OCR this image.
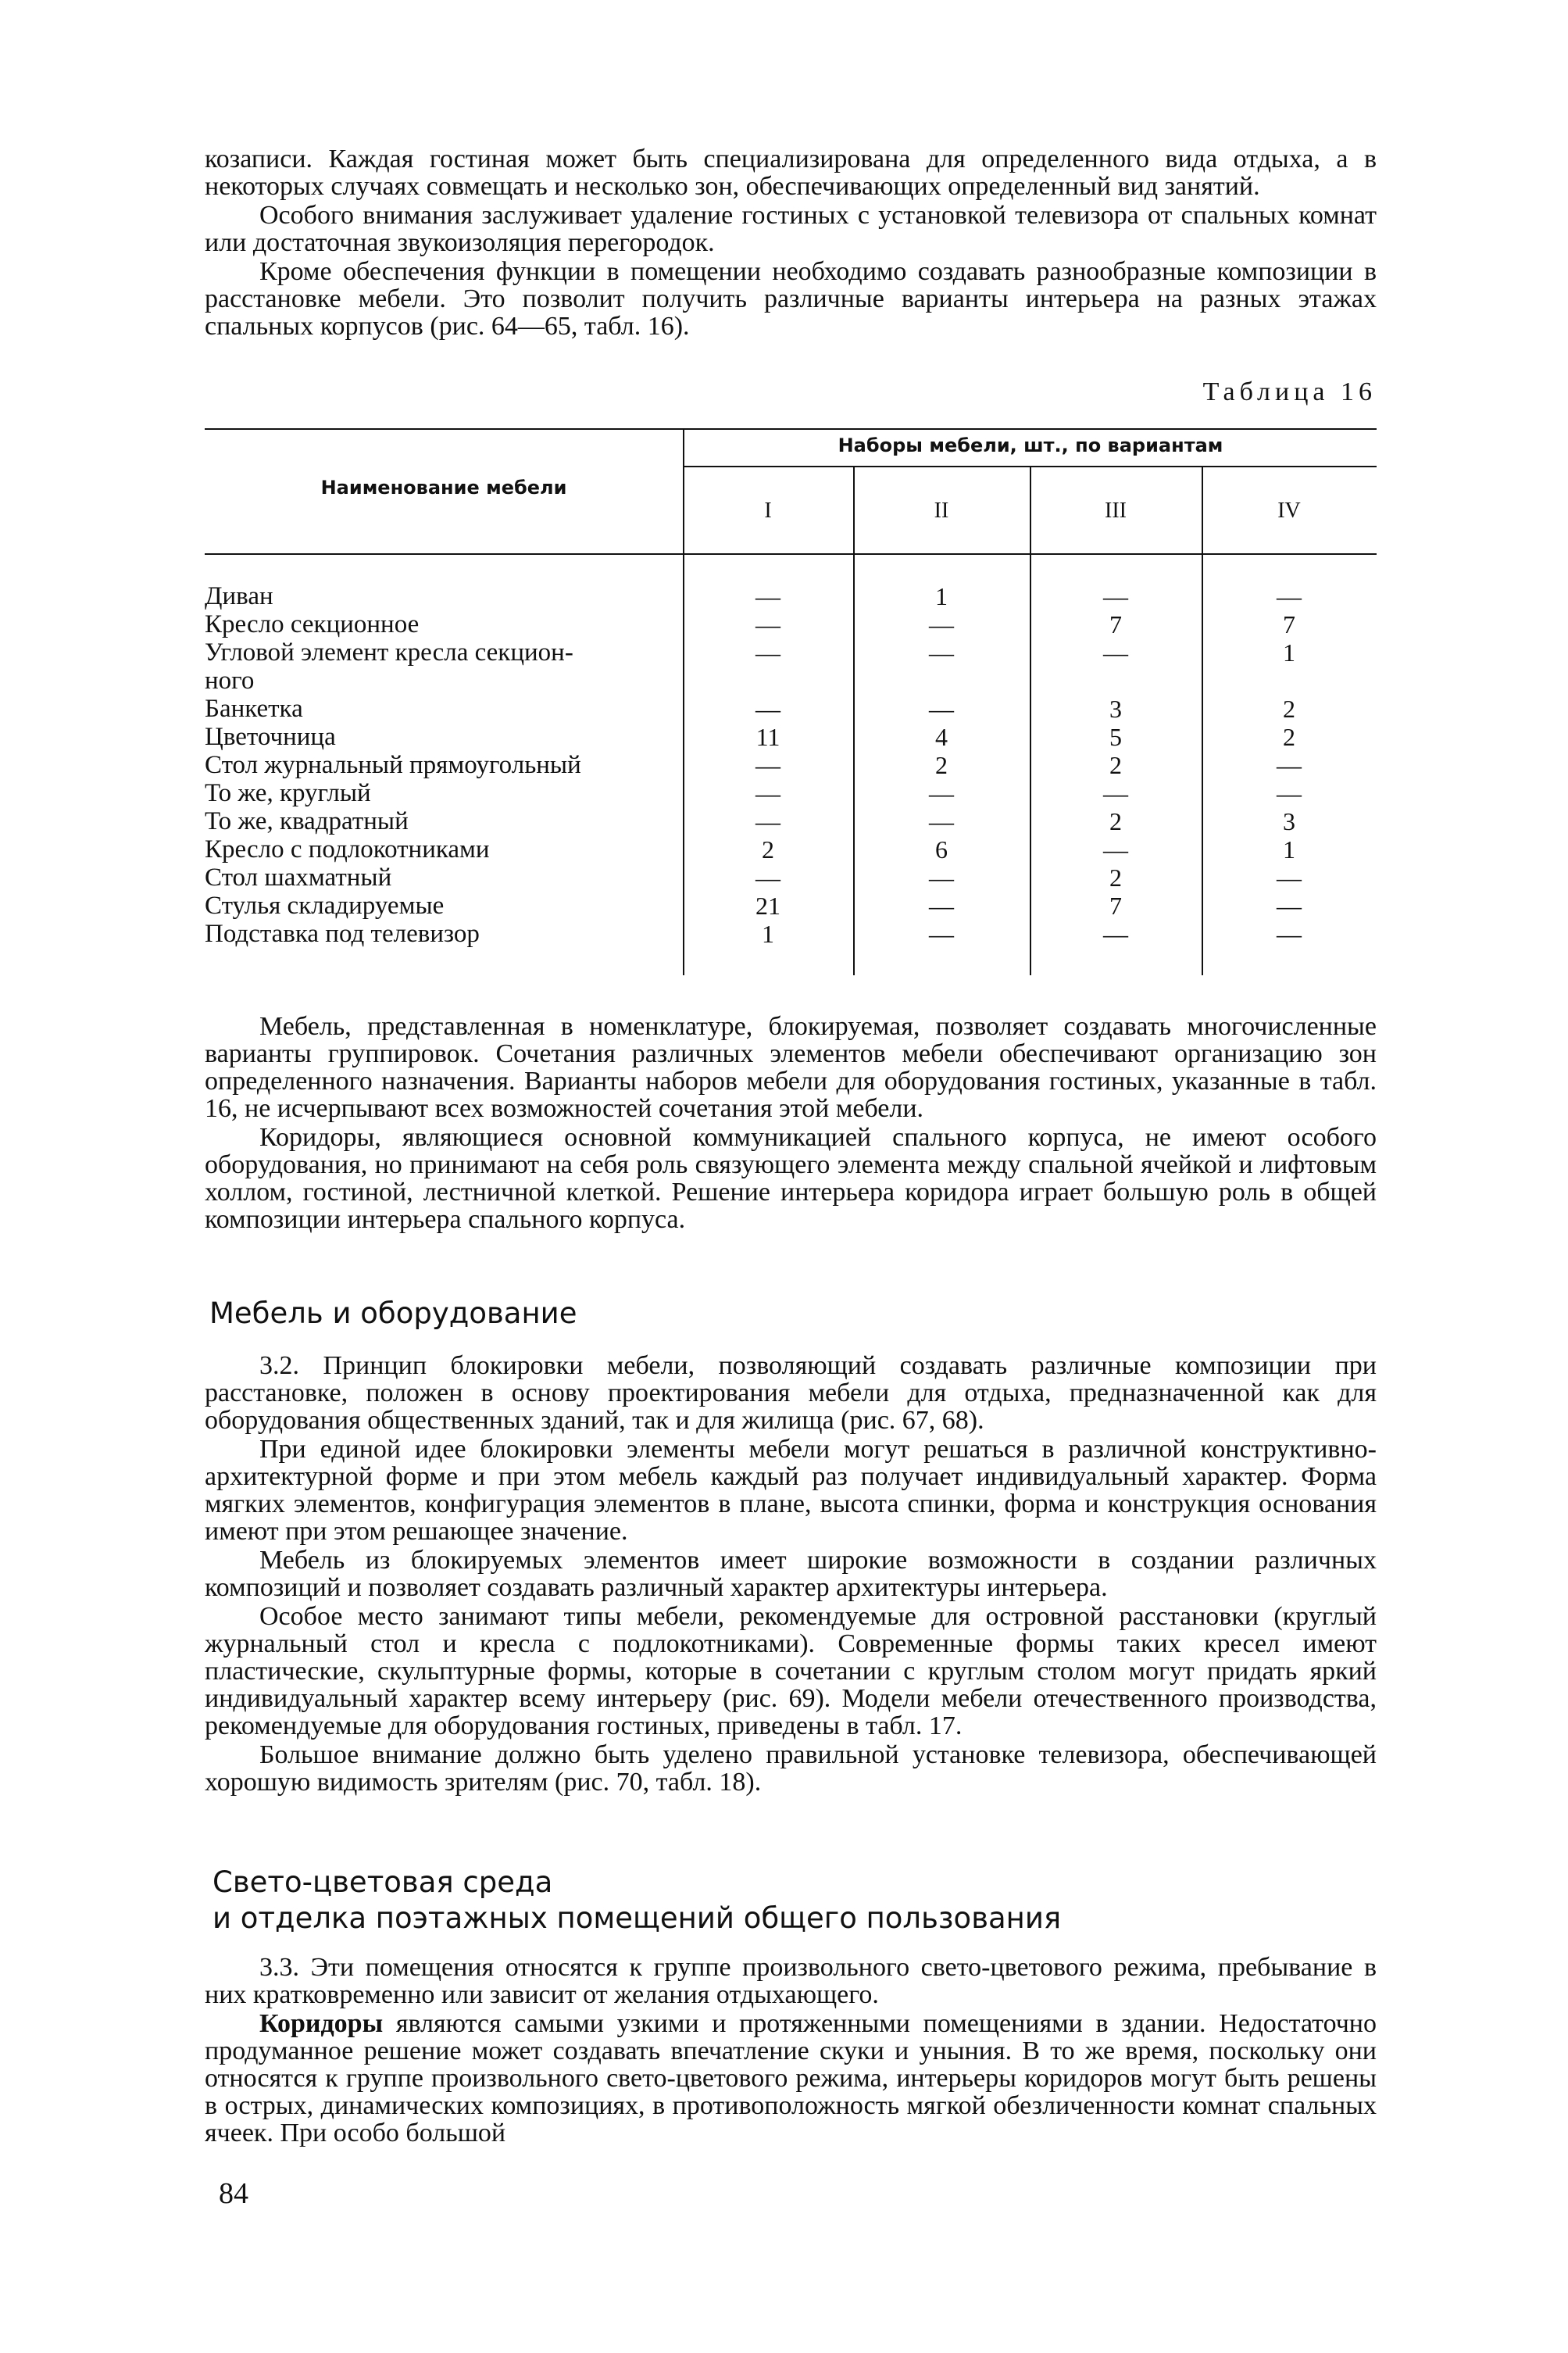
козаписи. Каждая гостиная может быть специализирована для определенного вида отдыха, а в некоторых случаях совмещать и несколько зон, обеспечивающих определенный вид занятий.

Особого внимания заслуживает удаление гостиных с установкой телевизора от спальных комнат или достаточная звукоизоляция перегородок.

Кроме обеспечения функции в помещении необходимо создавать разнообразные композиции в расстановке мебели. Это позволит получить различные варианты интерьера на разных этажах спальных корпусов (рис. 64—65, табл. 16).

Таблица 16
Наименование мебели
Наборы мебели, шт., по вариантам
I	II	III	IV
Диван	—	1	—	—
Кресло секционное	—	—	7	7
Угловой элемент кресла секцион-	—	—	—	1
ного
Банкетка	—	—	3	2
Цветочница	11	4	5	2
Стол журнальный прямоугольный	—	2	2	—
То же, круглый	—	—	—	—
То же, квадратный	—	—	2	3
Кресло с подлокотниками	2	6	—	1
Стол шахматный	—	—	2	—
Стулья складируемые	21	—	7	—
Подставка под телевизор	1	—	—	—

Мебель, представленная в номенклатуре, блокируемая, позволяет создавать многочисленные варианты группировок. Сочетания различных элементов мебели обеспечивают организацию зон определенного назначения. Варианты наборов мебели для оборудования гостиных, указанные в табл. 16, не исчерпывают всех возможностей сочетания этой мебели.

Коридоры, являющиеся основной коммуникацией спального корпуса, не имеют особого оборудования, но принимают на себя роль связующего элемента между спальной ячейкой и лифтовым холлом, гостиной, лестничной клеткой. Решение интерьера коридора играет большую роль в общей композиции интерьера спального корпуса.

Мебель и оборудование

3.2. Принцип блокировки мебели, позволяющий создавать различные композиции при расстановке, положен в основу проектирования мебели для отдыха, предназначенной как для оборудования общественных зданий, так и для жилища (рис. 67, 68).

При единой идее блокировки элементы мебели могут решаться в различной конструктивно-архитектурной форме и при этом мебель каждый раз получает индивидуальный характер. Форма мягких элементов, конфигурация элементов в плане, высота спинки, форма и конструкция основания имеют при этом решающее значение.

Мебель из блокируемых элементов имеет широкие возможности в создании различных композиций и позволяет создавать различный характер архитектуры интерьера.

Особое место занимают типы мебели, рекомендуемые для островной расстановки (круглый журнальный стол и кресла с подлокотниками). Современные формы таких кресел имеют пластические, скульптурные формы, которые в сочетании с круглым столом могут придать яркий индивидуальный характер всему интерьеру (рис. 69). Модели мебели отечественного производства, рекомендуемые для оборудования гостиных, приведены в табл. 17.

Большое внимание должно быть уделено правильной установке телевизора, обеспечивающей хорошую видимость зрителям (рис. 70, табл. 18).

Свето-цветовая среда
и отделка поэтажных помещений общего пользования

3.3. Эти помещения относятся к группе произвольного свето-цветового режима, пребывание в них кратковременно или зависит от желания отдыхающего.

Коридоры являются самыми узкими и протяженными помещениями в здании. Недостаточно продуманное решение может создавать впечатление скуки и уныния. В то же время, поскольку они относятся к группе произвольного свето-цветового режима, интерьеры коридоров могут быть решены в острых, динамических композициях, в противоположность мягкой обезличенности комнат спальных ячеек. При особо большой

84
